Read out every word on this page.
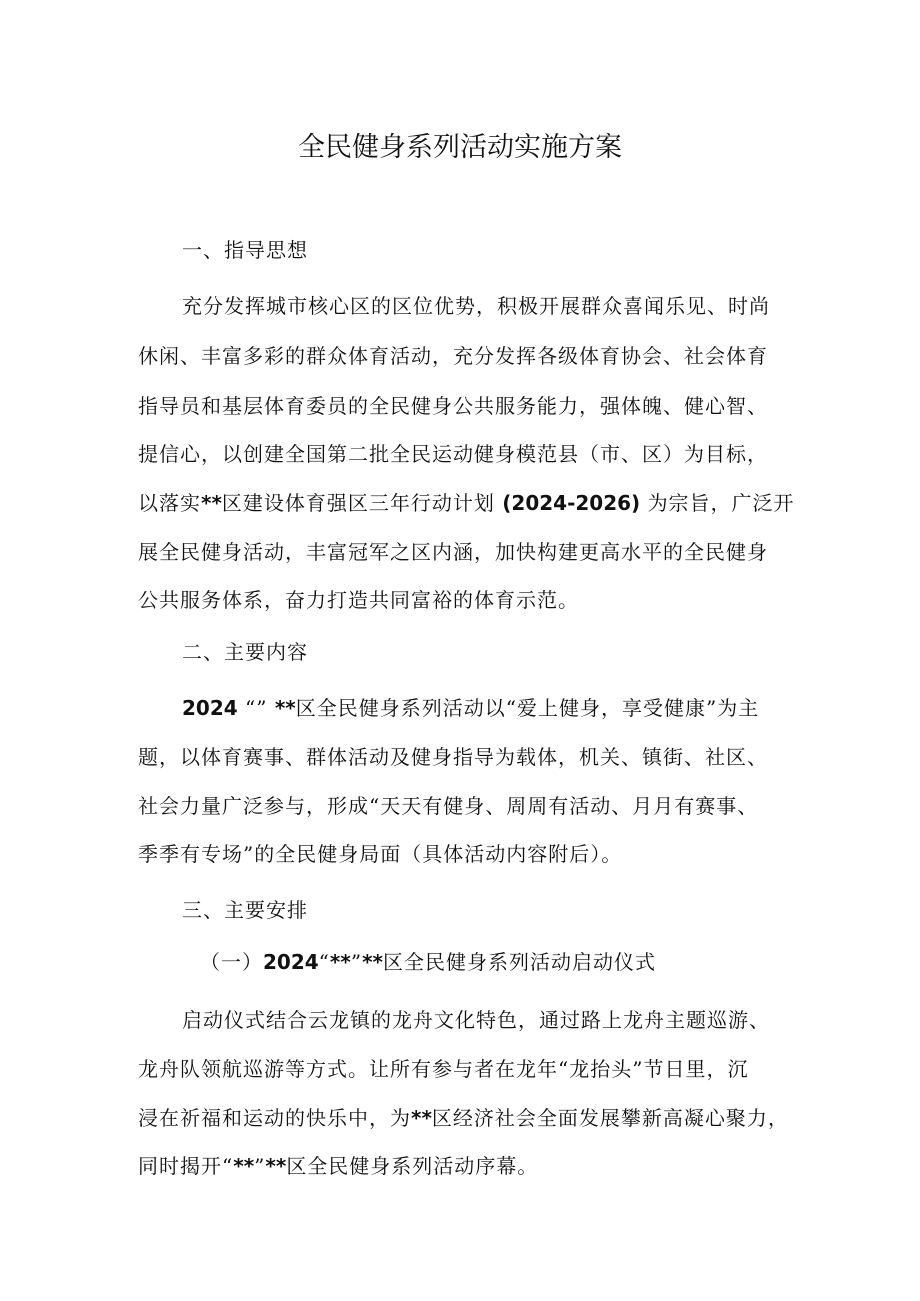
全民健身系列活动实施方案
一、指导思想
充分发挥城市核心区的区位优势，积极开展群众喜闻乐见、时尚
休闲、丰富多彩的群众体育活动，充分发挥各级体育协会、社会体育
指导员和基层体育委员的全民健身公共服务能力，强体魄、健心智、
提信心，以创建全国第二批全民运动健身模范县（市、区）为目标，
以落实**区建设体育强区三年行动计划 (2024-2026) 为宗旨，广泛开
展全民健身活动，丰富冠军之区内涵，加快构建更高水平的全民健身
公共服务体系，奋力打造共同富裕的体育示范。
二、主要内容
2024 “” **区全民健身系列活动以“爱上健身，享受健康”为主
题，以体育赛事、群体活动及健身指导为载体，机关、镇街、社区、
社会力量广泛参与，形成“天天有健身、周周有活动、月月有赛事、
季季有专场”的全民健身局面（具体活动内容附后）。
三、主要安排
（一）2024“**”**区全民健身系列活动启动仪式
启动仪式结合云龙镇的龙舟文化特色，通过路上龙舟主题巡游、
龙舟队领航巡游等方式。让所有参与者在龙年“龙抬头”节日里，沉
浸在祈福和运动的快乐中，为**区经济社会全面发展攀新高凝心聚力，
同时揭开“**”**区全民健身系列活动序幕。
